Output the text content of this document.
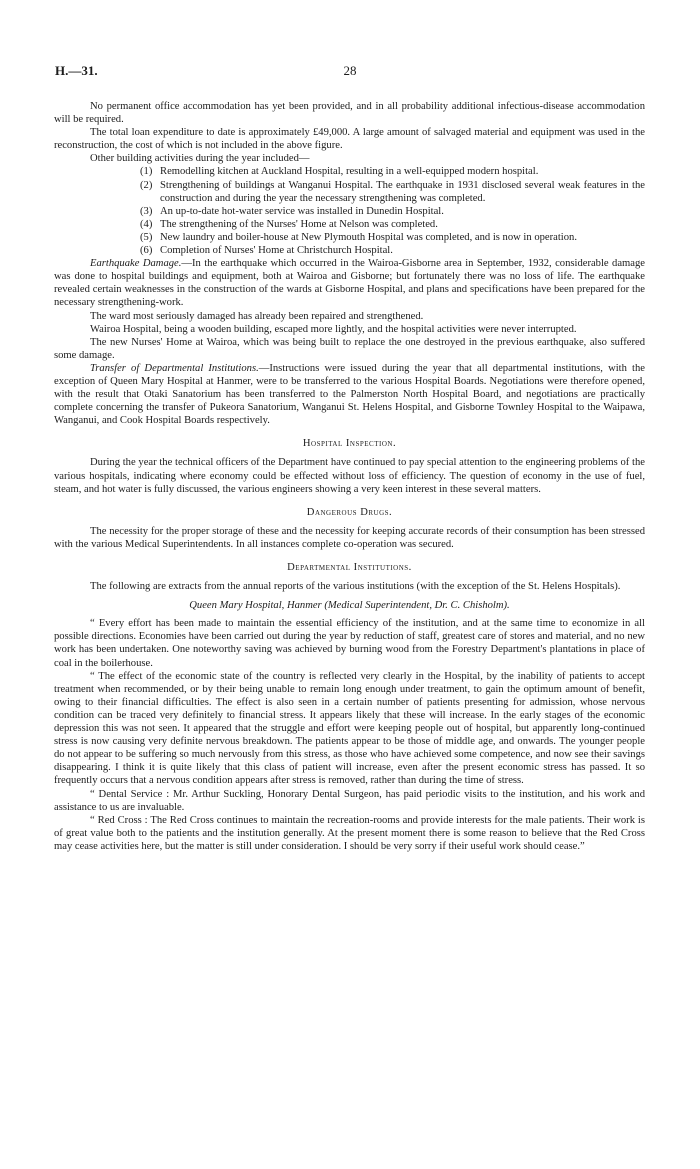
H.—31.	28

No permanent office accommodation has yet been provided, and in all probability additional infectious-disease accommodation will be required.

The total loan expenditure to date is approximately £49,000. A large amount of salvaged material and equipment was used in the reconstruction, the cost of which is not included in the above figure.

Other building activities during the year included—

(1) Remodelling kitchen at Auckland Hospital, resulting in a well-equipped modern hospital.
(2) Strengthening of buildings at Wanganui Hospital. The earthquake in 1931 disclosed several weak features in the construction and during the year the necessary strengthening was completed.
(3) An up-to-date hot-water service was installed in Dunedin Hospital.
(4) The strengthening of the Nurses' Home at Nelson was completed.
(5) New laundry and boiler-house at New Plymouth Hospital was completed, and is now in operation.
(6) Completion of Nurses' Home at Christchurch Hospital.

Earthquake Damage.—In the earthquake which occurred in the Wairoa-Gisborne area in September, 1932, considerable damage was done to hospital buildings and equipment, both at Wairoa and Gisborne; but fortunately there was no loss of life. The earthquake revealed certain weaknesses in the construction of the wards at Gisborne Hospital, and plans and specifications have been prepared for the necessary strengthening-work.

The ward most seriously damaged has already been repaired and strengthened.

Wairoa Hospital, being a wooden building, escaped more lightly, and the hospital activities were never interrupted.

The new Nurses' Home at Wairoa, which was being built to replace the one destroyed in the previous earthquake, also suffered some damage.

Transfer of Departmental Institutions.—Instructions were issued during the year that all departmental institutions, with the exception of Queen Mary Hospital at Hanmer, were to be transferred to the various Hospital Boards. Negotiations were therefore opened, with the result that Otaki Sanatorium has been transferred to the Palmerston North Hospital Board, and negotiations are practically complete concerning the transfer of Pukeora Sanatorium, Wanganui St. Helens Hospital, and Gisborne Townley Hospital to the Waipawa, Wanganui, and Cook Hospital Boards respectively.

Hospital Inspection.

During the year the technical officers of the Department have continued to pay special attention to the engineering problems of the various hospitals, indicating where economy could be effected without loss of efficiency. The question of economy in the use of fuel, steam, and hot water is fully discussed, the various engineers showing a very keen interest in these several matters.

Dangerous Drugs.

The necessity for the proper storage of these and the necessity for keeping accurate records of their consumption has been stressed with the various Medical Superintendents. In all instances complete co-operation was secured.

Departmental Institutions.

The following are extracts from the annual reports of the various institutions (with the exception of the St. Helens Hospitals).

Queen Mary Hospital, Hanmer (Medical Superintendent, Dr. C. Chisholm).

“ Every effort has been made to maintain the essential efficiency of the institution, and at the same time to economize in all possible directions. Economies have been carried out during the year by reduction of staff, greatest care of stores and material, and no new work has been undertaken. One noteworthy saving was achieved by burning wood from the Forestry Department's plantations in place of coal in the boilerhouse.

“ The effect of the economic state of the country is reflected very clearly in the Hospital, by the inability of patients to accept treatment when recommended, or by their being unable to remain long enough under treatment, to gain the optimum amount of benefit, owing to their financial difficulties. The effect is also seen in a certain number of patients presenting for admission, whose nervous condition can be traced very definitely to financial stress. It appears likely that these will increase. In the early stages of the economic depression this was not seen. It appeared that the struggle and effort were keeping people out of hospital, but apparently long-continued stress is now causing very definite nervous breakdown. The patients appear to be those of middle age, and onwards. The younger people do not appear to be suffering so much nervously from this stress, as those who have achieved some competence, and now see their savings disappearing. I think it is quite likely that this class of patient will increase, even after the present economic stress has passed. It so frequently occurs that a nervous condition appears after stress is removed, rather than during the time of stress.

“ Dental Service : Mr. Arthur Suckling, Honorary Dental Surgeon, has paid periodic visits to the institution, and his work and assistance to us are invaluable.

“ Red Cross : The Red Cross continues to maintain the recreation-rooms and provide interests for the male patients. Their work is of great value both to the patients and the institution generally. At the present moment there is some reason to believe that the Red Cross may cease activities here, but the matter is still under consideration. I should be very sorry if their useful work should cease.”
